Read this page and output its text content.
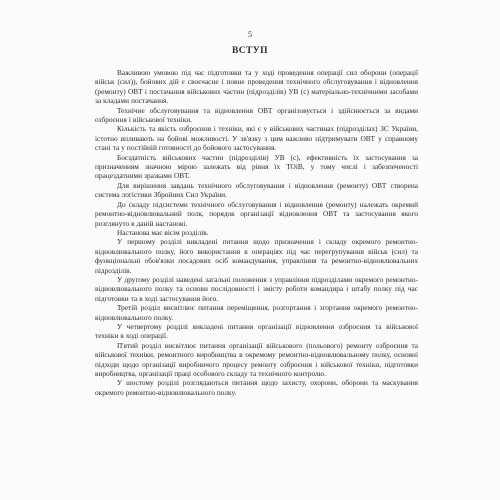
5
ВСТУП

Важливою умовою під час підготовки та у ході проведення операції сил оборони (операції військ (сил)), бойових дій є своєчасне і повне проведення технічного обслуговування і відновлення (ремонту) ОВТ і постачання військових частин (підрозділів) УВ (с) матеріально-технічними засобами за кладами постачання.

Технічне обслуговування та відновлення ОВТ організовується і здійснюється за видами озброєння і військової техніки.

Кількість та якість озброєння і техніки, які є у військових частинах (підрозділах) ЗС України, істотно впливають на бойові можливості. У зв'язку з цим важливо підтримувати ОВТ у справному стані та у постійній готовності до бойового застосування.

Боєздатність військових частин (підрозділів) УВ (с), ефективність їх застосування за призначенням значною мірою залежать від рівня їх ТОіВ, у тому числі і забезпеченості працездатними зразками ОВТ.

Для вирішення завдань технічного обслуговування і відновлення (ремонту) ОВТ створена система логістики Збройних Сил України.

До складу підсистеми технічного обслуговування і відновлення (ремонту) належать окремий ремонтно-відновлювальний полк, порядок організації відновлення ОВТ та застосування якого розглянуто в даній настанові.

Настанова має вісім розділів.

У першому розділі викладені питання щодо призначення і складу окремого ремонтно-відновлювального полку, його використання в операціях під час перегрупування військ (сил) та функціональні обов'язки посадових осіб командування, управління та ремонтно-відновлювальних підрозділів.

У другому розділі наведені загальні положення з управління підрозділами окремого ремонтно-відновлювального полку та основи послідовності і змісту роботи командира і штабу полку під час підготовки та в ході застосування його.

Третій розділ висвітлює питання переміщення, розгортання і згортання окремого ремонтно-відновлювального полку.

У четвертому розділі викладені питання організації відновлення озброєння та військової техніки в ході операції.

П'ятий розділ висвітлює питання організації військового (польового) ремонту озброєння та військової техніки, ремонтного виробництва в окремому ремонтно-відновлювальному полку, основні підходи щодо організації виробничого процесу ремонту озброєння і військової техніки, підготовки виробництва, організації праці особового складу та технічного контролю.

У шостому розділі розглядаються питання щодо захисту, охорони, оборони та маскування окремого ремонтно-відновлювального полку.
